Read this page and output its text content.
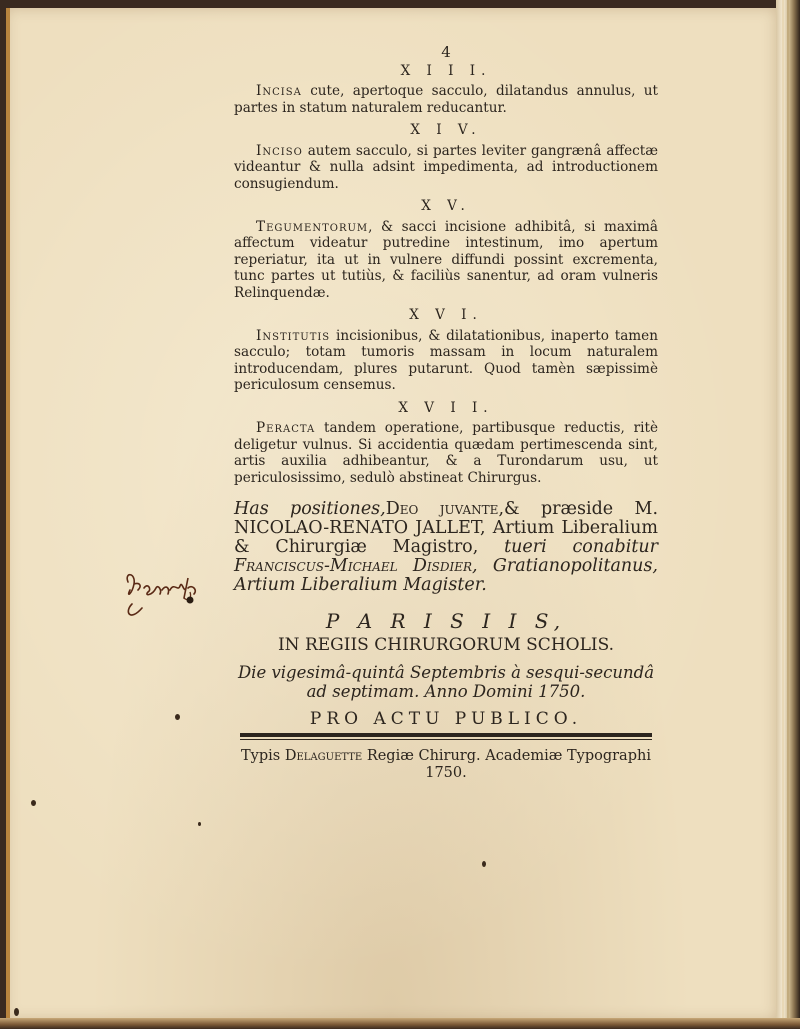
4
X I I I.

Incisa cute, apertoque sacculo, dilatandus annulus, ut partes in statum naturalem reducantur.

X I V.

Inciso autem sacculo, si partes leviter gangrænâ affectæ videantur & nulla adsint impedimenta, ad introductionem consugiendum.

X V.

Tegumentorum, & sacci incisione adhibitâ, si maximâ affectum videatur putredine intestinum, imo apertum reperiatur, ita ut in vulnere diffundi possint excrementa, tunc partes ut tutiùs, & faciliùs sanentur, ad oram vulneris Relinquendæ.

X V I.

Institutis incisionibus, & dilatationibus, inaperto tamen sacculo; totam tumoris massam in locum naturalem introducendam, plures putarunt. Quod tamèn sæpissimè periculosum censemus.

X V I I.

Peracta tandem operatione, partibusque reductis, ritè deligetur vulnus. Si accidentia quædam pertimescenda sint, artis auxilia adhibeantur, & a Turondarum usu, ut periculosissimo, sedulò abstineat Chirurgus.

Has positiones,Deo juvante,& præside M. NICOLAO-RENATO JALLET, Artium Liberalium & Chirurgiæ Magistro, tueri conabitur Franciscus-Michael Disdier, Gratianopolitanus, Artium Liberalium Magister.

P A R I S I I S,
IN REGIIS CHIRURGORUM SCHOLIS.
Die vigesimâ-quintâ Septembris à sesqui-secundâ ad septimam. Anno Domini 1750.
PRO ACTU PUBLICO.
Typis Delaguette Regiæ Chirurg. Academiæ Typographi 1750.
